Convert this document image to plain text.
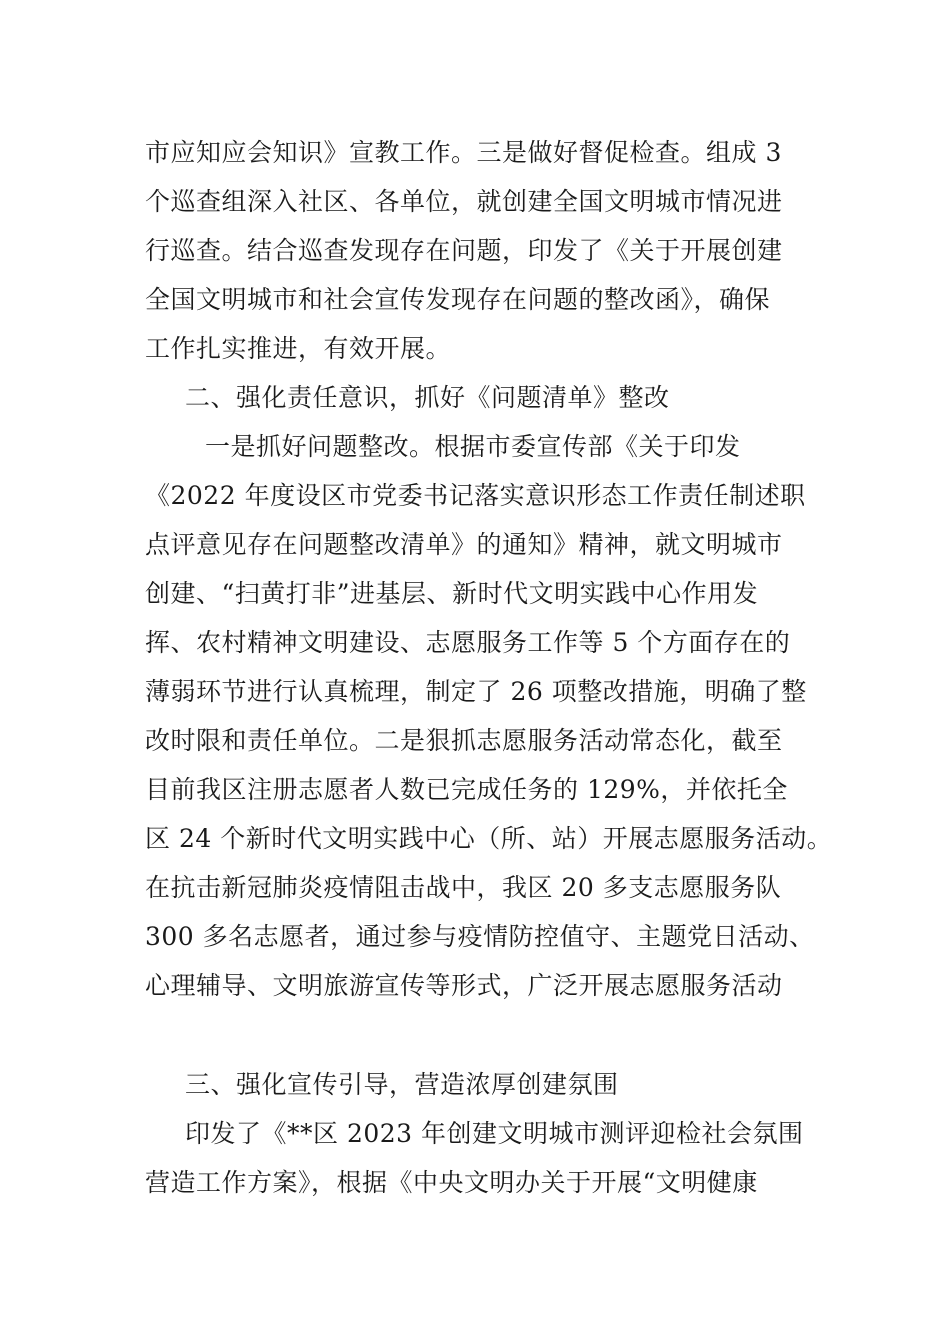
市应知应会知识》宣教工作。三是做好督促检查。组成 3
个巡查组深入社区、各单位，就创建全国文明城市情况进
行巡查。结合巡查发现存在问题，印发了《关于开展创建
全国文明城市和社会宣传发现存在问题的整改函》，确保
工作扎实推进，有效开展。
二、强化责任意识，抓好《问题清单》整改
一是抓好问题整改。根据市委宣传部《关于印发
《2022 年度设区市党委书记落实意识形态工作责任制述职
点评意见存在问题整改清单》的通知》精神，就文明城市
创建、“扫黄打非”进基层、新时代文明实践中心作用发
挥、农村精神文明建设、志愿服务工作等 5 个方面存在的
薄弱环节进行认真梳理，制定了 26 项整改措施，明确了整
改时限和责任单位。二是狠抓志愿服务活动常态化，截至
目前我区注册志愿者人数已完成任务的 129%，并依托全
区 24 个新时代文明实践中心（所、站）开展志愿服务活动。
在抗击新冠肺炎疫情阻击战中，我区 20 多支志愿服务队
300 多名志愿者，通过参与疫情防控值守、主题党日活动、
心理辅导、文明旅游宣传等形式，广泛开展志愿服务活动
三、强化宣传引导，营造浓厚创建氛围
印发了《**区 2023 年创建文明城市测评迎检社会氛围
营造工作方案》，根据《中央文明办关于开展“文明健康
